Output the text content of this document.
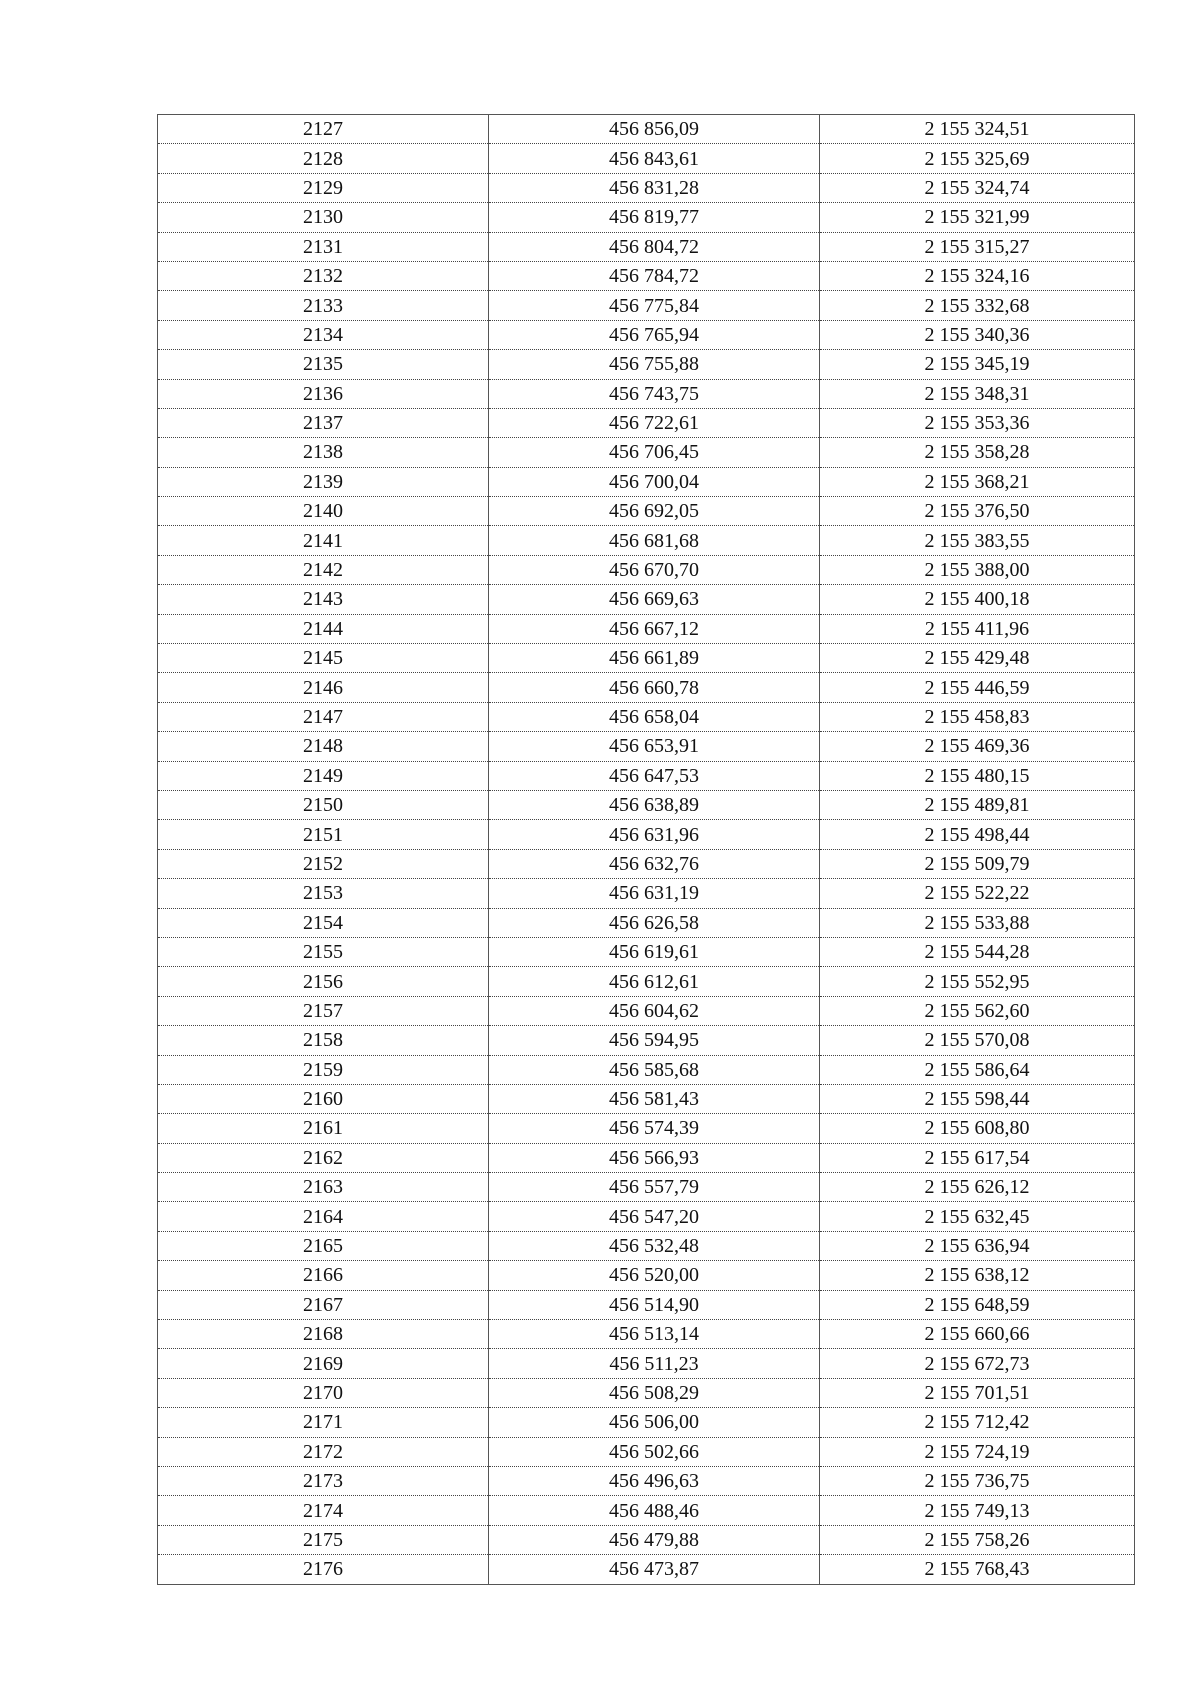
2127	456 856,09	2 155 324,51
2128	456 843,61	2 155 325,69
2129	456 831,28	2 155 324,74
2130	456 819,77	2 155 321,99
2131	456 804,72	2 155 315,27
2132	456 784,72	2 155 324,16
2133	456 775,84	2 155 332,68
2134	456 765,94	2 155 340,36
2135	456 755,88	2 155 345,19
2136	456 743,75	2 155 348,31
2137	456 722,61	2 155 353,36
2138	456 706,45	2 155 358,28
2139	456 700,04	2 155 368,21
2140	456 692,05	2 155 376,50
2141	456 681,68	2 155 383,55
2142	456 670,70	2 155 388,00
2143	456 669,63	2 155 400,18
2144	456 667,12	2 155 411,96
2145	456 661,89	2 155 429,48
2146	456 660,78	2 155 446,59
2147	456 658,04	2 155 458,83
2148	456 653,91	2 155 469,36
2149	456 647,53	2 155 480,15
2150	456 638,89	2 155 489,81
2151	456 631,96	2 155 498,44
2152	456 632,76	2 155 509,79
2153	456 631,19	2 155 522,22
2154	456 626,58	2 155 533,88
2155	456 619,61	2 155 544,28
2156	456 612,61	2 155 552,95
2157	456 604,62	2 155 562,60
2158	456 594,95	2 155 570,08
2159	456 585,68	2 155 586,64
2160	456 581,43	2 155 598,44
2161	456 574,39	2 155 608,80
2162	456 566,93	2 155 617,54
2163	456 557,79	2 155 626,12
2164	456 547,20	2 155 632,45
2165	456 532,48	2 155 636,94
2166	456 520,00	2 155 638,12
2167	456 514,90	2 155 648,59
2168	456 513,14	2 155 660,66
2169	456 511,23	2 155 672,73
2170	456 508,29	2 155 701,51
2171	456 506,00	2 155 712,42
2172	456 502,66	2 155 724,19
2173	456 496,63	2 155 736,75
2174	456 488,46	2 155 749,13
2175	456 479,88	2 155 758,26
2176	456 473,87	2 155 768,43
